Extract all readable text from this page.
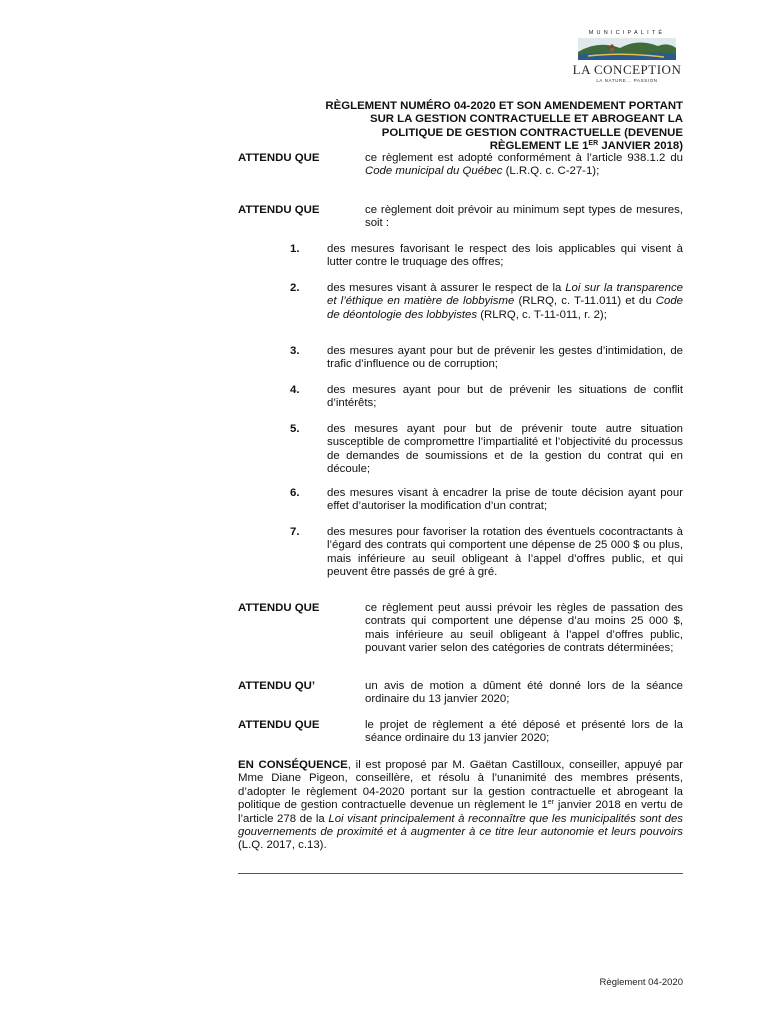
MUNICIPALITÉ
LA CONCEPTION
LA NATURE... PASSION
RÈGLEMENT NUMÉRO 04-2020 ET SON AMENDEMENT PORTANT
SUR LA GESTION CONTRACTUELLE ET ABROGEANT LA
POLITIQUE DE GESTION CONTRACTUELLE (DEVENUE
RÈGLEMENT LE 1ER JANVIER 2018)
ATTENDU QUE	ce règlement est adopté conformément à l’article 938.1.2 du Code municipal du Québec (L.R.Q. c. C-27-1);
ATTENDU QUE	ce règlement doit prévoir au minimum sept types de mesures, soit :
1. des mesures favorisant le respect des lois applicables qui visent à lutter contre le truquage des offres;
2. des mesures visant à assurer le respect de la Loi sur la transparence et l’éthique en matière de lobbyisme (RLRQ, c. T-11.011) et du Code de déontologie des lobbyistes (RLRQ, c. T-11-011, r. 2);
3. des mesures ayant pour but de prévenir les gestes d’intimidation, de trafic d’influence ou de corruption;
4. des mesures ayant pour but de prévenir les situations de conflit d’intérêts;
5. des mesures ayant pour but de prévenir toute autre situation susceptible de compromettre l’impartialité et l’objectivité du processus de demandes de soumissions et de la gestion du contrat qui en découle;
6. des mesures visant à encadrer la prise de toute décision ayant pour effet d’autoriser la modification d’un contrat;
7. des mesures pour favoriser la rotation des éventuels cocontractants à l’égard des contrats qui comportent une dépense de 25 000 $ ou plus, mais inférieure au seuil obligeant à l’appel d’offres public, et qui peuvent être passés de gré à gré.
ATTENDU QUE	ce règlement peut aussi prévoir les règles de passation des contrats qui comportent une dépense d’au moins 25 000 $, mais inférieure au seuil obligeant à l’appel d’offres public, pouvant varier selon des catégories de contrats déterminées;
ATTENDU QU’	un avis de motion a dûment été donné lors de la séance ordinaire du 13 janvier 2020;
ATTENDU QUE	le projet de règlement a été déposé et présenté lors de la séance ordinaire du 13 janvier 2020;
EN CONSÉQUENCE, il est proposé par M. Gaëtan Castilloux, conseiller, appuyé par Mme Diane Pigeon, conseillère, et résolu à l’unanimité des membres présents, d’adopter le règlement 04-2020 portant sur la gestion contractuelle et abrogeant la politique de gestion contractuelle devenue un règlement le 1er janvier 2018 en vertu de l’article 278 de la Loi visant principalement à reconnaître que les municipalités sont des gouvernements de proximité et à augmenter à ce titre leur autonomie et leurs pouvoirs (L.Q. 2017, c.13).
Règlement 04-2020
